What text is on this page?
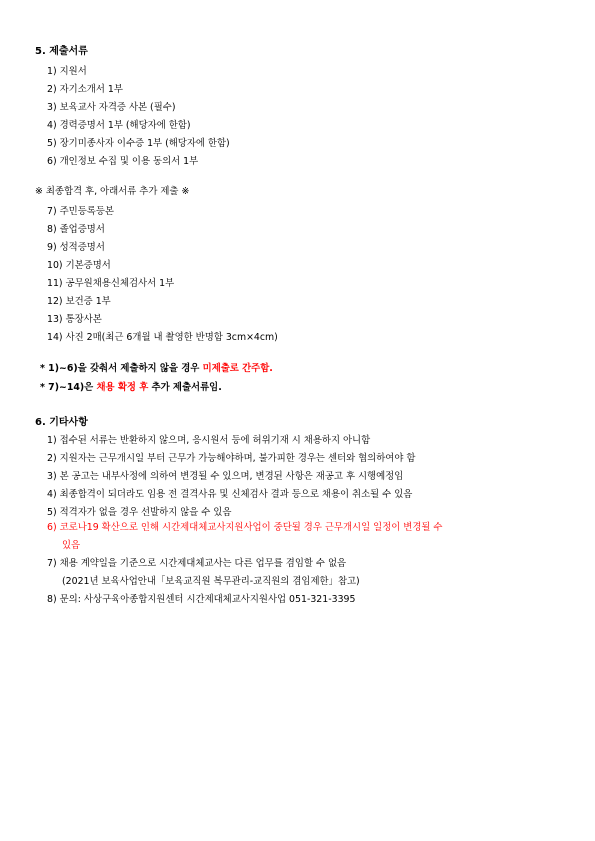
5. 제출서류
1) 지원서
2) 자기소개서 1부
3) 보육교사 자격증 사본 (필수)
4) 경력증명서 1부 (해당자에 한함)
5) 장기미종사자 이수증 1부 (해당자에 한함)
6) 개인정보 수집 및 이용 동의서 1부
※ 최종합격 후, 아래서류 추가 제출 ※
7) 주민등록등본
8) 졸업증명서
9) 성적증명서
10) 기본증명서
11) 공무원채용신체검사서 1부
12) 보건증 1부
13) 통장사본
14) 사진 2매(최근 6개월 내 촬영한 반명함 3cm×4cm)
* 1)~6)을 갖춰서 제출하지 않을 경우 미제출로 간주함.
* 7)~14)은 채용 확정 후 추가 제출서류임.
6. 기타사항
1) 접수된 서류는 반환하지 않으며, 응시원서 등에 허위기재 시 채용하지 아니함
2) 지원자는 근무개시일 부터 근무가 가능해야하며, 불가피한 경우는 센터와 협의하여야 함
3) 본 공고는 내부사정에 의하여 변경될 수 있으며, 변경된 사항은 재공고 후 시행예정임
4) 최종합격이 되더라도 임용 전 결격사유 및 신체검사 결과 등으로 채용이 취소될 수 있음
5) 적격자가 없을 경우 선발하지 않을 수 있음
6) 코로나19 확산으로 인해 시간제대체교사지원사업이 중단될 경우 근무개시일 일정이 변경될 수
있음
7) 채용 계약일을 기준으로 시간제대체교사는 다른 업무를 겸임할 수 없음
(2021년 보육사업안내「보육교직원 복무관리-교직원의 겸임제한」참고)
8) 문의: 사상구육아종합지원센터 시간제대체교사지원사업 051-321-3395
